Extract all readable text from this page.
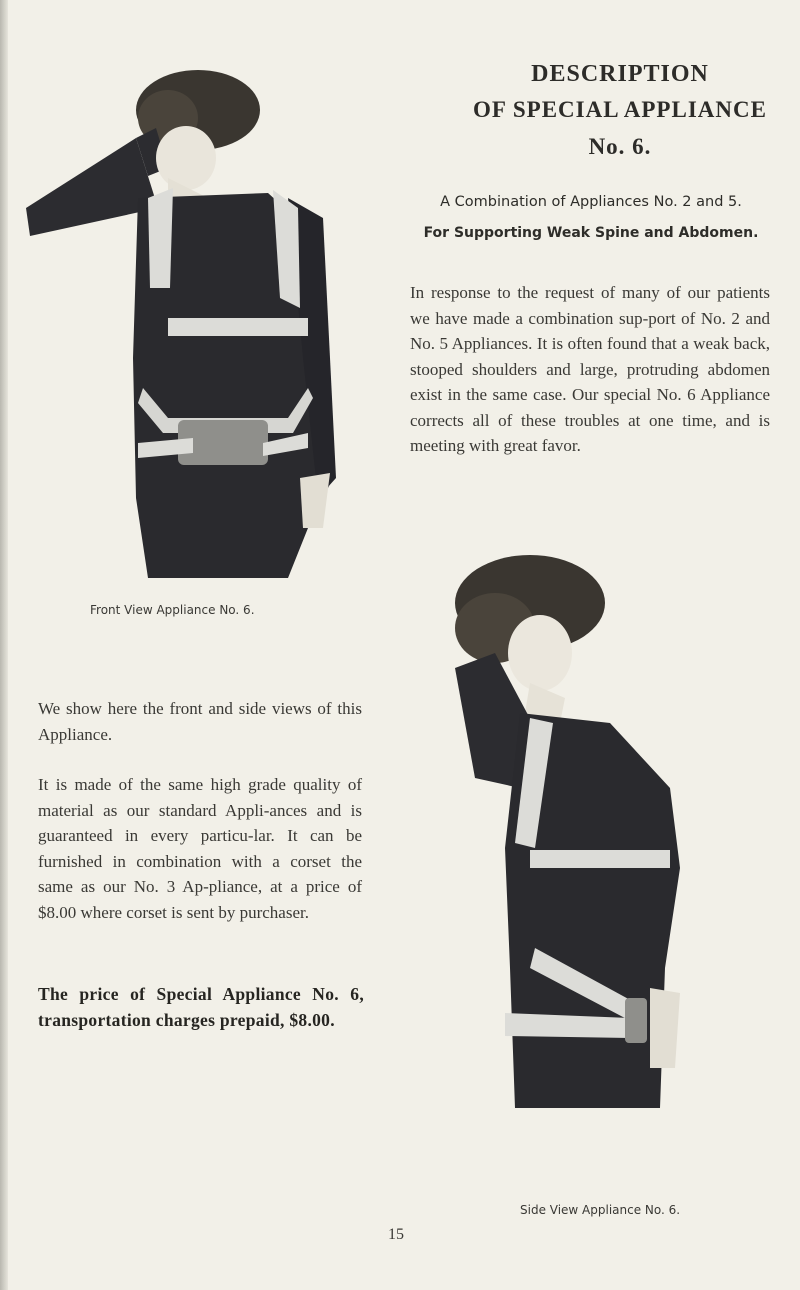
DESCRIPTION
OF SPECIAL APPLIANCE
No. 6.

A Combination of Appliances No. 2 and 5.

For Supporting Weak Spine and Abdomen.

In response to the request of many of our patients we have made a combination sup-port of No. 2 and No. 5 Appliances. It is often found that a weak back, stooped shoulders and large, protruding abdomen exist in the same case. Our special No. 6 Appliance corrects all of these troubles at one time, and is meeting with great favor.

Front View Appliance No. 6.

We show here the front and side views of this Appliance.

It is made of the same high grade quality of material as our standard Appli-ances and is guaranteed in every particu-lar. It can be furnished in combination with a corset the same as our No. 3 Ap-pliance, at a price of $8.00 where corset is sent by purchaser.

The price of Special Appliance No. 6, transportation charges prepaid, $8.00.

Side View Appliance No. 6.

15
